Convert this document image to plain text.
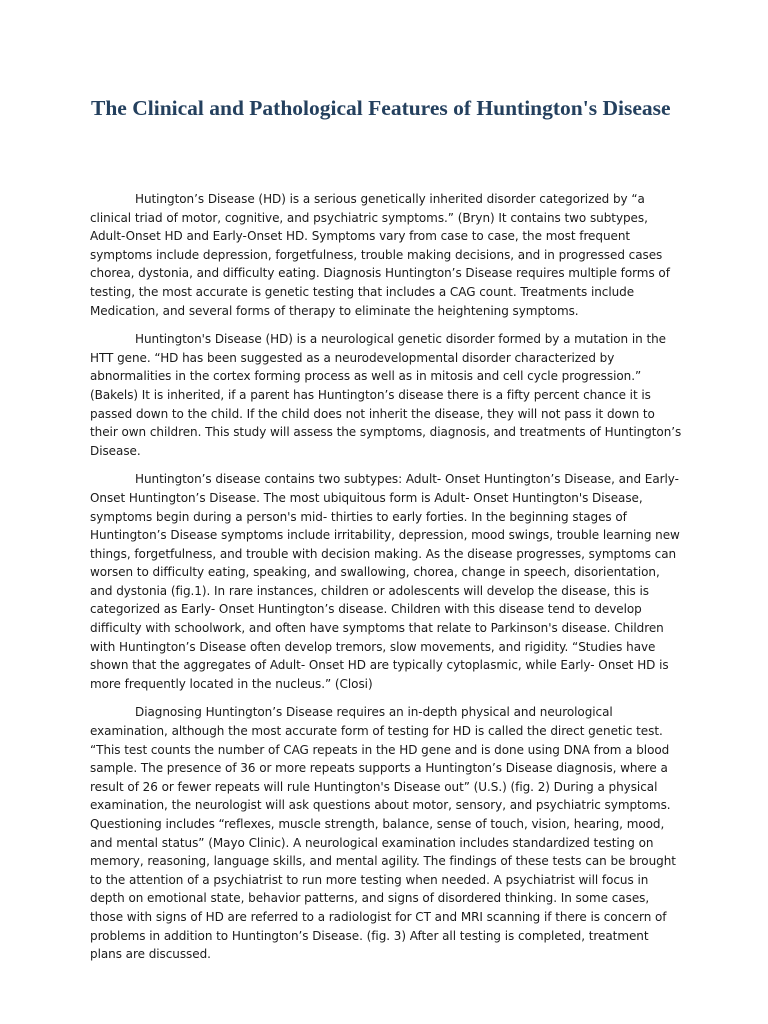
The Clinical and Pathological Features of Huntington's Disease

Hutington’s Disease (HD) is a serious genetically inherited disorder categorized by “a clinical triad of motor, cognitive, and psychiatric symptoms.” (Bryn) It contains two subtypes, Adult-Onset HD and Early-Onset HD. Symptoms vary from case to case, the most frequent symptoms include depression, forgetfulness, trouble making decisions, and in progressed cases chorea, dystonia, and difficulty eating. Diagnosis Huntington’s Disease requires multiple forms of testing, the most accurate is genetic testing that includes a CAG count. Treatments include Medication, and several forms of therapy to eliminate the heightening symptoms.

Huntington's Disease (HD) is a neurological genetic disorder formed by a mutation in the HTT gene. “HD has been suggested as a neurodevelopmental disorder characterized by abnormalities in the cortex forming process as well as in mitosis and cell cycle progression.” (Bakels) It is inherited, if a parent has Huntington’s disease there is a fifty percent chance it is passed down to the child. If the child does not inherit the disease, they will not pass it down to their own children. This study will assess the symptoms, diagnosis, and treatments of Huntington’s Disease.

Huntington’s disease contains two subtypes: Adult- Onset Huntington’s Disease, and Early-Onset Huntington’s Disease. The most ubiquitous form is Adult- Onset Huntington's Disease, symptoms begin during a person's mid- thirties to early forties. In the beginning stages of Huntington’s Disease symptoms include irritability, depression, mood swings, trouble learning new things, forgetfulness, and trouble with decision making. As the disease progresses, symptoms can worsen to difficulty eating, speaking, and swallowing, chorea, change in speech, disorientation, and dystonia (fig.1). In rare instances, children or adolescents will develop the disease, this is categorized as Early- Onset Huntington’s disease. Children with this disease tend to develop difficulty with schoolwork, and often have symptoms that relate to Parkinson's disease. Children with Huntington’s Disease often develop tremors, slow movements, and rigidity. “Studies have shown that the aggregates of Adult- Onset HD are typically cytoplasmic, while Early- Onset HD is more frequently located in the nucleus.” (Closi)

Diagnosing Huntington’s Disease requires an in-depth physical and neurological examination, although the most accurate form of testing for HD is called the direct genetic test. “This test counts the number of CAG repeats in the HD gene and is done using DNA from a blood sample. The presence of 36 or more repeats supports a Huntington’s Disease diagnosis, where a result of 26 or fewer repeats will rule Huntington's Disease out” (U.S.) (fig. 2) During a physical examination, the neurologist will ask questions about motor, sensory, and psychiatric symptoms. Questioning includes “reflexes, muscle strength, balance, sense of touch, vision, hearing, mood, and mental status” (Mayo Clinic). A neurological examination includes standardized testing on memory, reasoning, language skills, and mental agility. The findings of these tests can be brought to the attention of a psychiatrist to run more testing when needed. A psychiatrist will focus in depth on emotional state, behavior patterns, and signs of disordered thinking. In some cases, those with signs of HD are referred to a radiologist for CT and MRI scanning if there is concern of problems in addition to Huntington’s Disease. (fig. 3) After all testing is completed, treatment plans are discussed.
